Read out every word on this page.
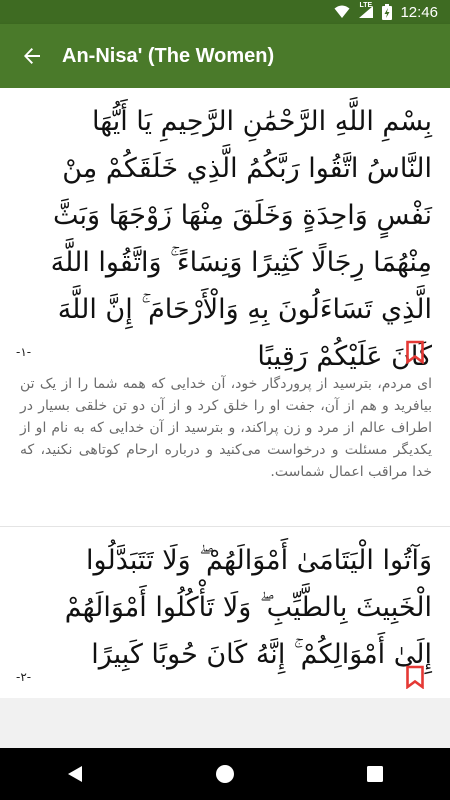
LTE 12:46
An-Nisa' (The Women)
بِسْمِ اللَّهِ الرَّحْمَٰنِ الرَّحِيمِ يَا أَيُّهَا النَّاسُ اتَّقُوا رَبَّكُمُ الَّذِي خَلَقَكُمْ مِنْ نَفْسٍ وَاحِدَةٍ وَخَلَقَ مِنْهَا زَوْجَهَا وَبَثَّ مِنْهُمَا رِجَالًا كَثِيرًا وَنِسَاءً ۚ وَاتَّقُوا اللَّهَ الَّذِي تَسَاءَلُونَ بِهِ وَالْأَرْحَامَ ۚ إِنَّ اللَّهَ كَانَ عَلَيْكُمْ رَقِيبًا
-١-
ای مردم، بترسید از پروردگار خود، آن خدایی که همه شما را از یک تن بیافرید و هم از آن، جفت او را خلق کرد و از آن دو تن خلقی بسیار در اطراف عالم از مرد و زن پراکند، و بترسید از آن خدایی که به نام او از یکدیگر مسئلت و درخواست می‌کنید و درباره ارحام کوتاهی نکنید، که خدا مراقب اعمال شماست.
وَآتُوا الْيَتَامَىٰ أَمْوَالَهُمْ ۖ وَلَا تَتَبَدَّلُوا الْخَبِيثَ بِالطَّيِّبِ ۖ وَلَا تَأْكُلُوا أَمْوَالَهُمْ إِلَىٰ أَمْوَالِكُمْ ۚ إِنَّهُ كَانَ حُوبًا كَبِيرًا
-٢-
